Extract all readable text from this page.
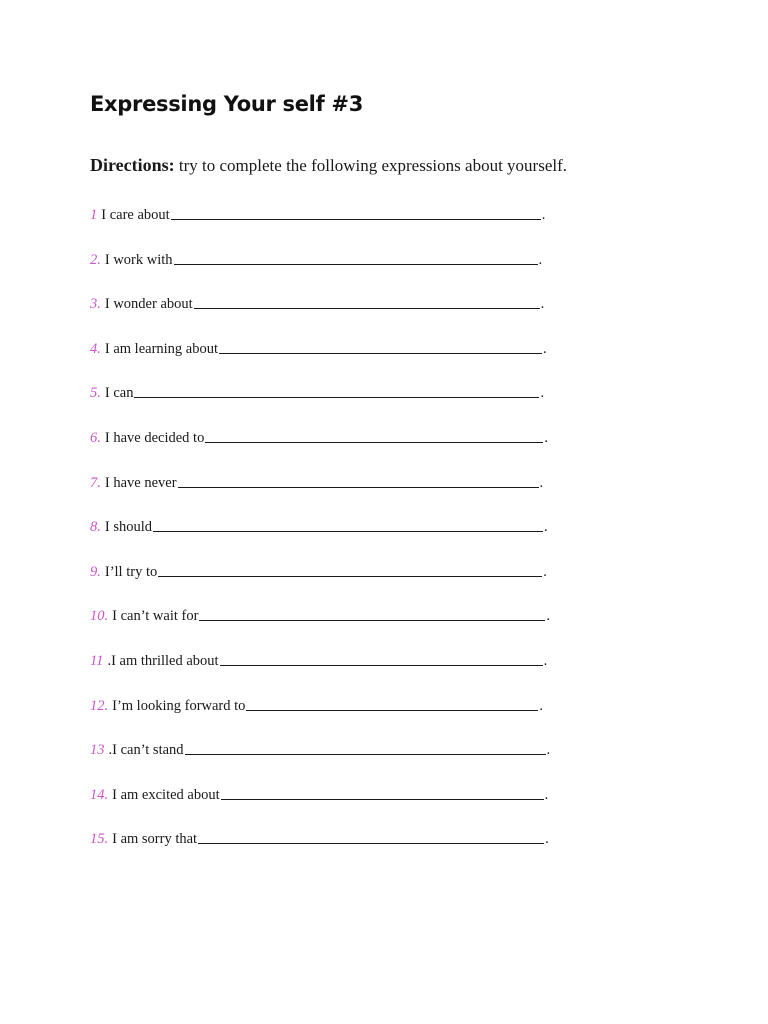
Expressing Your self #3

Directions: try to complete the following expressions about yourself.

1 I care about	.
2. I work with	.
3. I wonder about	.
4. I am learning about	.
5. I can	.
6. I have decided to	.
7. I have never	.
8. I should	.
9. I’ll try to	.
10. I can’t wait for	.
11 . I am thrilled about	.
12. I’m looking forward to	.
13 . I can’t stand	.
14. I am excited about	.
15. I am sorry that	.
